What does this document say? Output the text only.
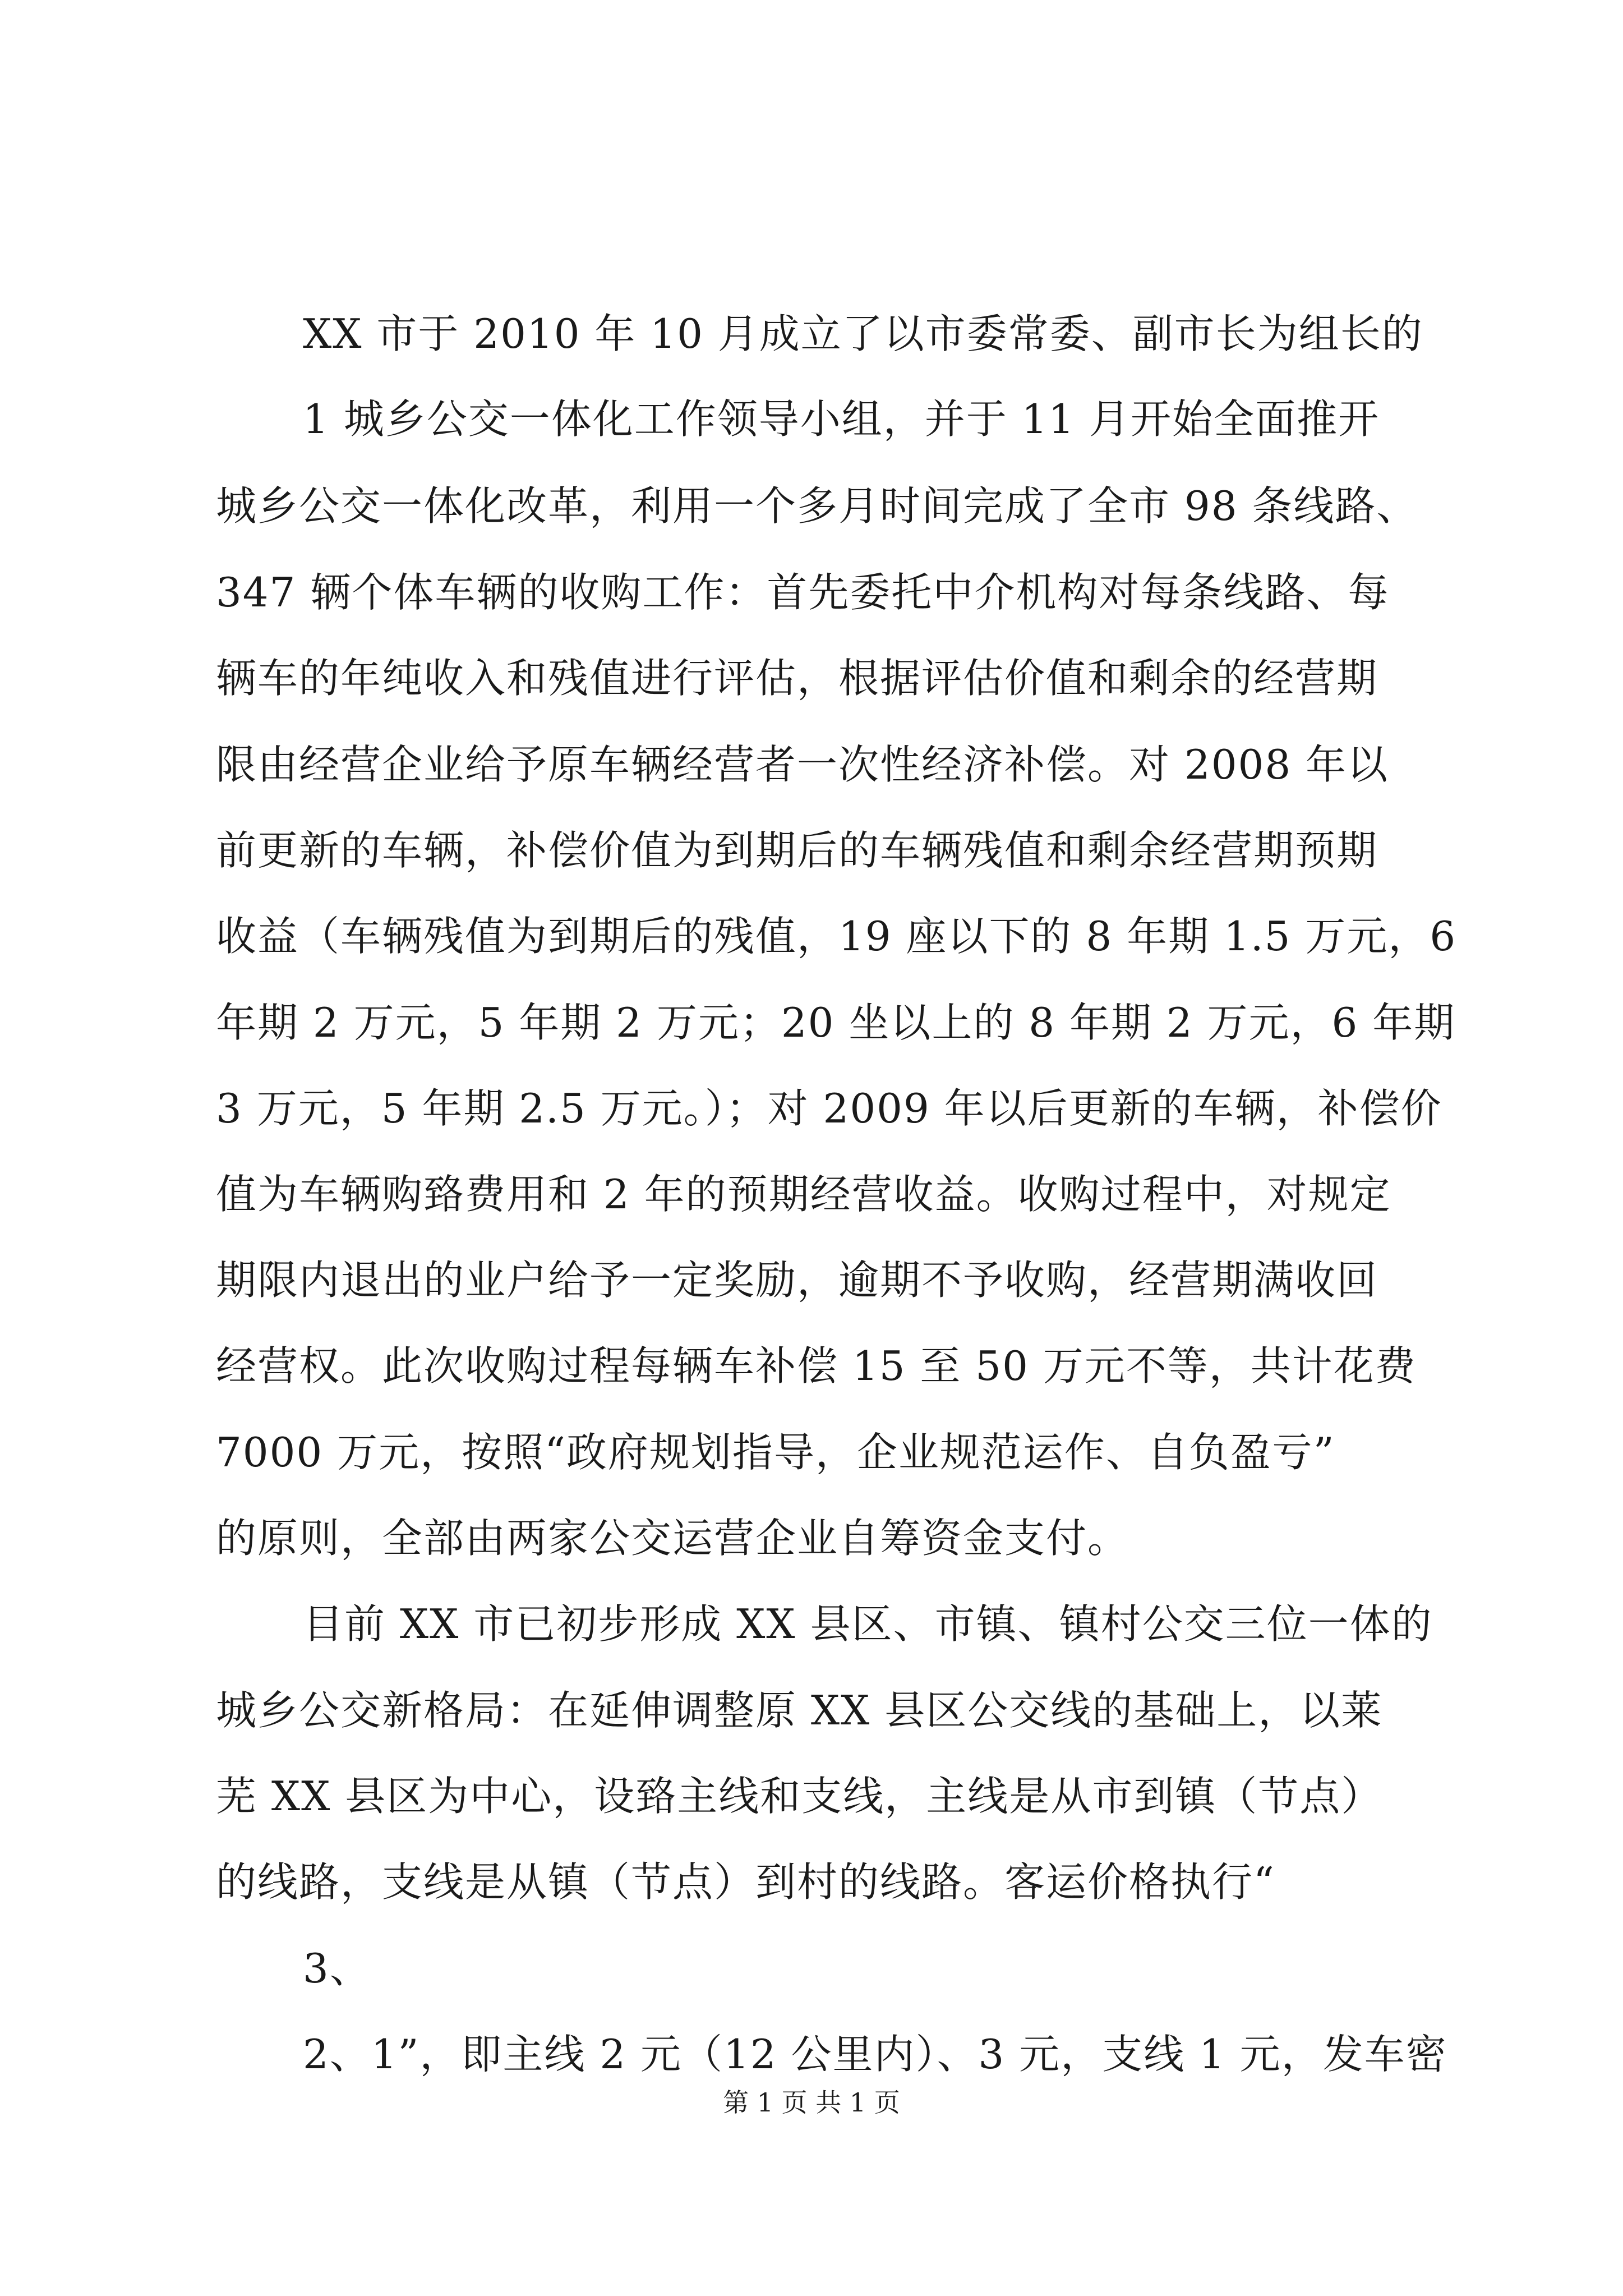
XX 市于 2010 年 10 月成立了以市委常委、副市长为组长的

1 城乡公交一体化工作领导小组，并于 11 月开始全面推开

城乡公交一体化改革，利用一个多月时间完成了全市 98 条线路、

347 辆个体车辆的收购工作：首先委托中介机构对每条线路、每

辆车的年纯收入和残值进行评估，根据评估价值和剩余的经营期

限由经营企业给予原车辆经营者一次性经济补偿。对 2008 年以

前更新的车辆，补偿价值为到期后的车辆残值和剩余经营期预期

收益（车辆残值为到期后的残值，19 座以下的 8 年期 1.5 万元，6

年期 2 万元，5 年期 2 万元；20 坐以上的 8 年期 2 万元，6 年期

3 万元，5 年期 2.5 万元。）；对 2009 年以后更新的车辆，补偿价

值为车辆购臵费用和 2 年的预期经营收益。收购过程中，对规定

期限内退出的业户给予一定奖励，逾期不予收购，经营期满收回

经营权。此次收购过程每辆车补偿 15 至 50 万元不等，共计花费

7000 万元，按照“政府规划指导，企业规范运作、自负盈亏”

的原则，全部由两家公交运营企业自筹资金支付。

目前 XX 市已初步形成 XX 县区、市镇、镇村公交三位一体的

城乡公交新格局：在延伸调整原 XX 县区公交线的基础上，以莱

芜 XX 县区为中心，设臵主线和支线，主线是从市到镇（节点）

的线路，支线是从镇（节点）到村的线路。客运价格执行“

3、

2、1”，即主线 2 元（12 公里内）、3 元，支线 1 元，发车密

第 1 页 共 1 页
